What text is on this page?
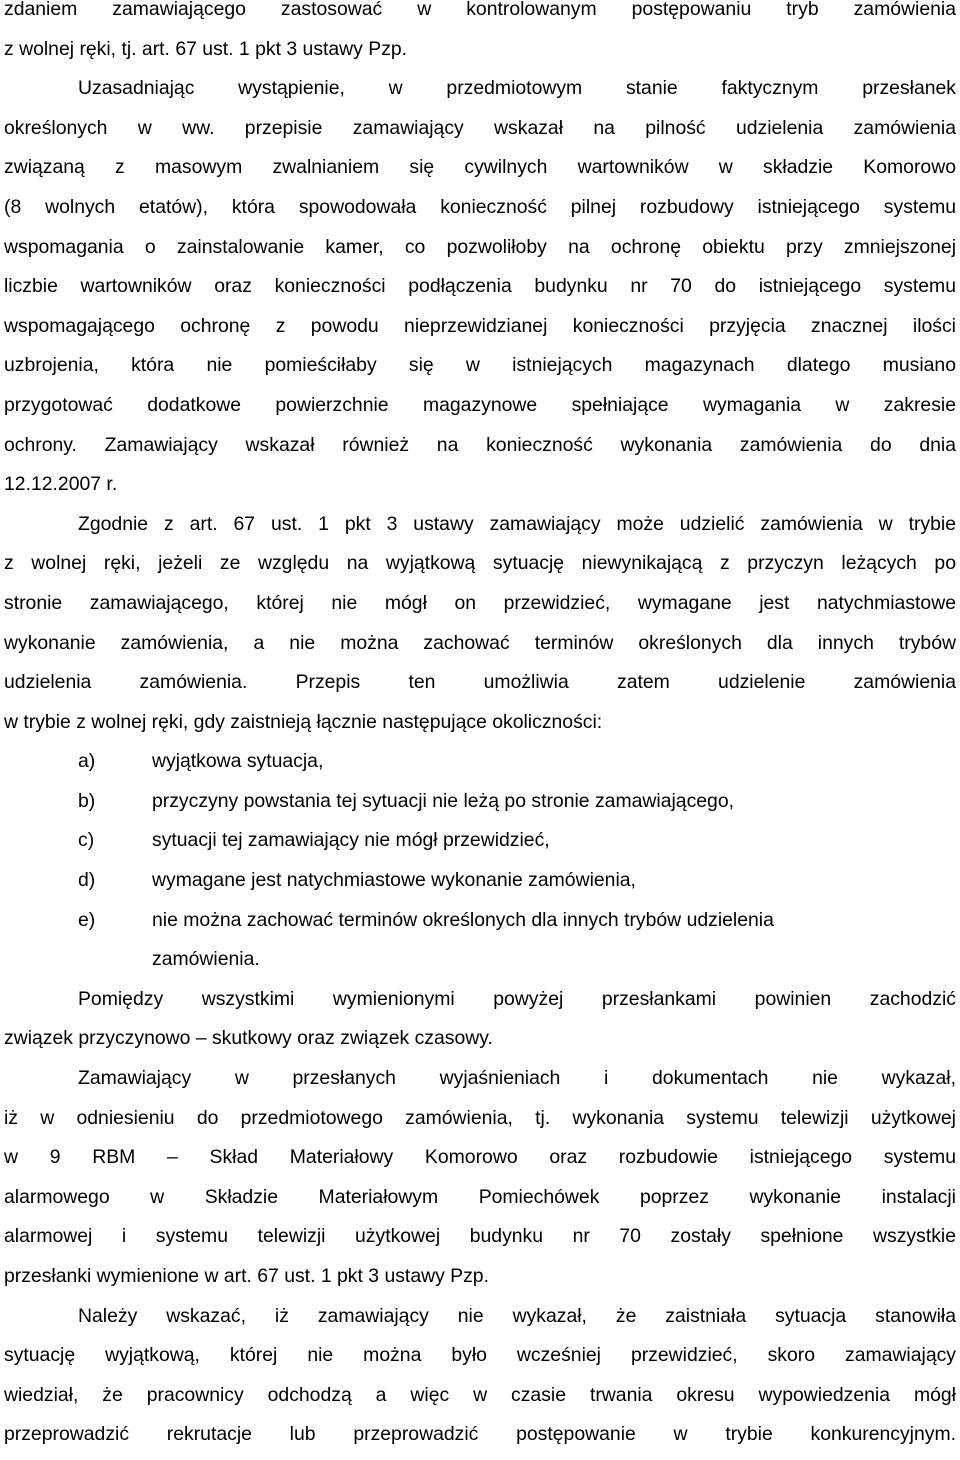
zdaniem zamawiającego zastosować w kontrolowanym postępowaniu tryb zamówienia

z wolnej ręki, tj. art. 67 ust. 1 pkt 3 ustawy Pzp.

Uzasadniając wystąpienie, w przedmiotowym stanie faktycznym przesłanek

określonych w ww. przepisie zamawiający wskazał na pilność udzielenia zamówienia

związaną z masowym zwalnianiem się cywilnych wartowników w składzie Komorowo

(8 wolnych etatów), która spowodowała konieczność pilnej rozbudowy istniejącego systemu

wspomagania o zainstalowanie kamer, co pozwoliłoby na ochronę obiektu przy zmniejszonej

liczbie wartowników oraz konieczności podłączenia budynku nr 70 do istniejącego systemu

wspomagającego ochronę z powodu nieprzewidzianej konieczności przyjęcia znacznej ilości

uzbrojenia, która nie pomieściłaby się w istniejących magazynach dlatego musiano

przygotować dodatkowe powierzchnie magazynowe spełniające wymagania w zakresie

ochrony. Zamawiający wskazał również na konieczność wykonania zamówienia do dnia

12.12.2007 r.

Zgodnie z art. 67 ust. 1 pkt 3 ustawy zamawiający może udzielić zamówienia w trybie

z wolnej ręki, jeżeli ze względu na wyjątkową sytuację niewynikającą z przyczyn leżących po

stronie zamawiającego, której nie mógł on przewidzieć, wymagane jest natychmiastowe

wykonanie zamówienia, a nie można zachować terminów określonych dla innych trybów

udzielenia zamówienia. Przepis ten umożliwia zatem udzielenie zamówienia

w trybie z wolnej ręki, gdy zaistnieją łącznie następujące okoliczności:

a)	wyjątkowa sytuacja,
b)	przyczyny powstania tej sytuacji nie leżą po stronie zamawiającego,
c)	sytuacji tej zamawiający nie mógł przewidzieć,
d)	wymagane jest natychmiastowe wykonanie zamówienia,
e)	nie można zachować terminów określonych dla innych trybów udzielenia
zamówienia.

Pomiędzy wszystkimi wymienionymi powyżej przesłankami powinien zachodzić

związek przyczynowo – skutkowy oraz związek czasowy.

Zamawiający w przesłanych wyjaśnieniach i dokumentach nie wykazał,

iż w odniesieniu do przedmiotowego zamówienia, tj. wykonania systemu telewizji użytkowej

w 9 RBM – Skład Materiałowy Komorowo oraz rozbudowie istniejącego systemu

alarmowego w Składzie Materiałowym Pomiechówek poprzez wykonanie instalacji

alarmowej i systemu telewizji użytkowej budynku nr 70 zostały spełnione wszystkie

przesłanki wymienione w art. 67 ust. 1 pkt 3 ustawy Pzp.

Należy wskazać, iż zamawiający nie wykazał, że zaistniała sytuacja stanowiła

sytuację wyjątkową, której nie można było wcześniej przewidzieć, skoro zamawiający

wiedział, że pracownicy odchodzą a więc w czasie trwania okresu wypowiedzenia mógł

przeprowadzić rekrutacje lub przeprowadzić postępowanie w trybie konkurencyjnym.
